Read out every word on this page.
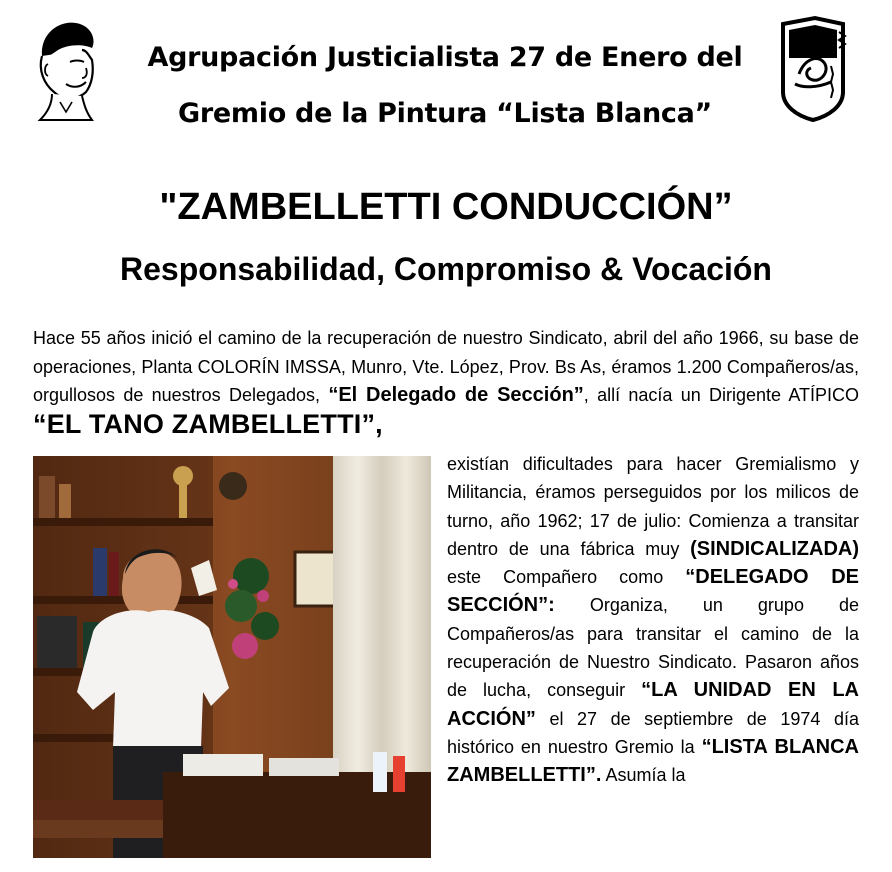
Agrupación Justicialista 27 de Enero del
Gremio de la Pintura “Lista Blanca”
"ZAMBELLETTI CONDUCCIÓN”
Responsabilidad, Compromiso & Vocación
Hace 55 años inició el camino de la recuperación de nuestro Sindicato, abril del año 1966, su base de operaciones, Planta COLORÍN IMSSA, Munro, Vte. López, Prov. Bs As, éramos 1.200 Compañeros/as, orgullosos de nuestros Delegados, “El Delegado de Sección”, allí nacía un Dirigente ATÍPICO “EL TANO ZAMBELLETTI”,
existían dificultades para hacer Gremialismo y Militancia, éramos perseguidos por los milicos de turno, año 1962; 17 de julio: Comienza a transitar dentro de una fábrica muy (SINDICALIZADA) este Compañero como “DELEGADO DE SECCIÓN”: Organiza, un grupo de Compañeros/as para transitar el camino de la recuperación de Nuestro Sindicato. Pasaron años de lucha, conseguir “LA UNIDAD EN LA ACCIÓN” el 27 de septiembre de 1974 día histórico en nuestro Gremio la “LISTA BLANCA ZAMBELLETTI”. Asumía la
